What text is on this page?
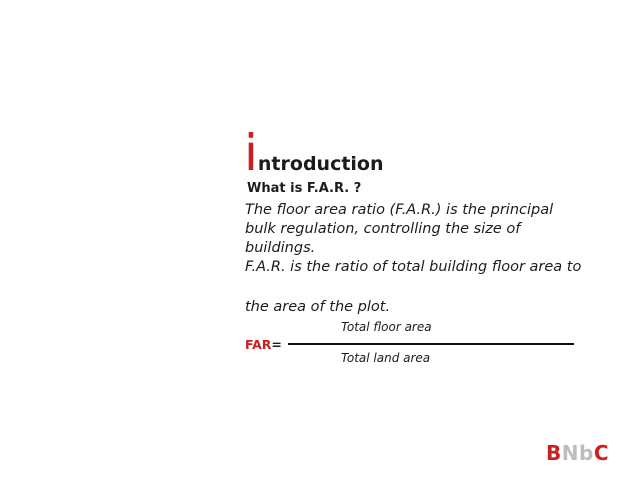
introduction
What is F.A.R. ?

The floor area ratio (F.A.R.) is the principal

bulk regulation, controlling the size of

buildings.

F.A.R. is the ratio of total building floor area to

the area of the plot.

Total floor area
FAR=
Total land area
BNbC
